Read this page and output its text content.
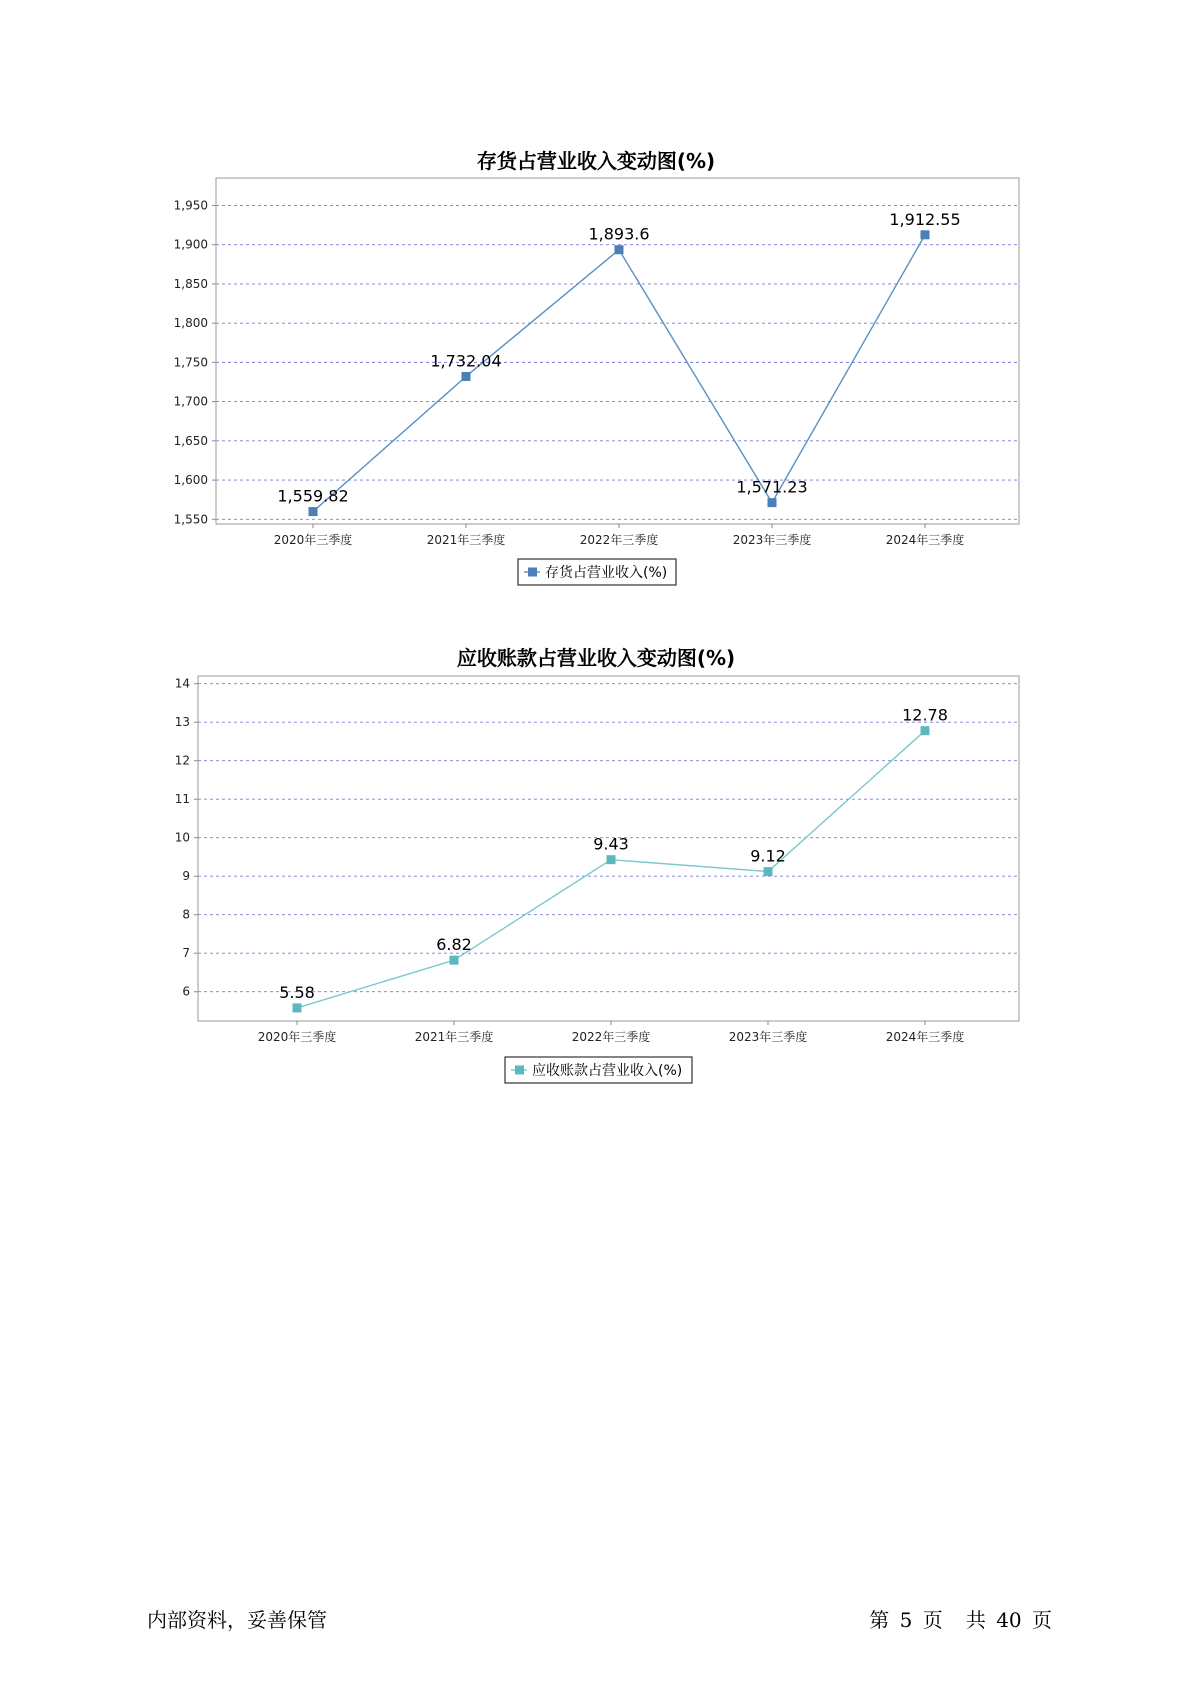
存货占营业收入变动图(%)
1,550
1,600
1,650
1,700
1,750
1,800
1,850
1,900
1,950
2020年三季度	2021年三季度	2022年三季度	2023年三季度	2024年三季度
1,559.82
1,732.04
1,893.6
1,571.23
1,912.55
存货占营业收入(%)
应收账款占营业收入变动图(%)
6
7
8
9
10
11
12
13
14
2020年三季度	2021年三季度	2022年三季度	2023年三季度	2024年三季度
5.58
6.82
9.43
9.12
12.78
应收账款占营业收入(%)
内部资料，妥善保管	第 5 页 共 40 页
